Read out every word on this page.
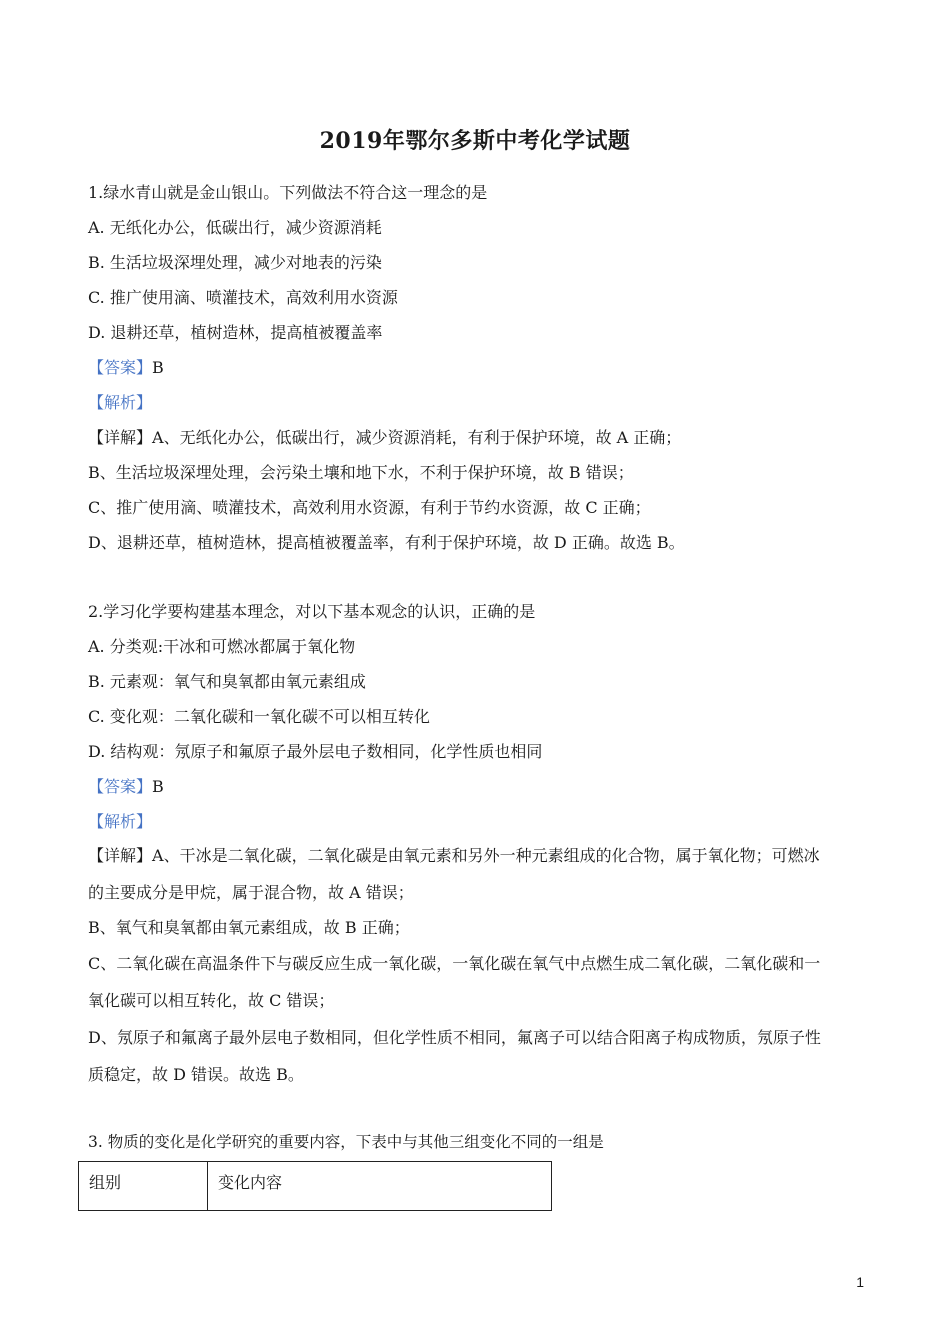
2019年鄂尔多斯中考化学试题
1.绿水青山就是金山银山。下列做法不符合这一理念的是
A. 无纸化办公，低碳出行，减少资源消耗
B. 生活垃圾深埋处理，减少对地表的污染
C. 推广使用滴、喷灌技术，高效利用水资源
D. 退耕还草，植树造林，提高植被覆盖率
【答案】B
【解析】
【详解】A、无纸化办公，低碳出行，减少资源消耗，有利于保护环境，故 A 正确；
B、生活垃圾深埋处理，会污染土壤和地下水，不利于保护环境，故 B 错误；
C、推广使用滴、喷灌技术，高效利用水资源，有利于节约水资源，故 C 正确；
D、退耕还草，植树造林，提高植被覆盖率，有利于保护环境，故 D 正确。故选 B。
2.学习化学要构建基本理念，对以下基本观念的认识，正确的是
A. 分类观:干冰和可燃冰都属于氧化物
B. 元素观：氧气和臭氧都由氧元素组成
C. 变化观：二氧化碳和一氧化碳不可以相互转化
D. 结构观：氖原子和氟原子最外层电子数相同，化学性质也相同
【答案】B
【解析】
【详解】A、干冰是二氧化碳，二氧化碳是由氧元素和另外一种元素组成的化合物，属于氧化物；可燃冰
的主要成分是甲烷，属于混合物，故 A 错误；
B、氧气和臭氧都由氧元素组成，故 B 正确；
C、二氧化碳在高温条件下与碳反应生成一氧化碳，一氧化碳在氧气中点燃生成二氧化碳，二氧化碳和一
氧化碳可以相互转化，故 C 错误；
D、氖原子和氟离子最外层电子数相同，但化学性质不相同，氟离子可以结合阳离子构成物质，氖原子性
质稳定，故 D 错误。故选 B。
3. 物质的变化是化学研究的重要内容，下表中与其他三组变化不同的一组是
组别	变化内容
1
